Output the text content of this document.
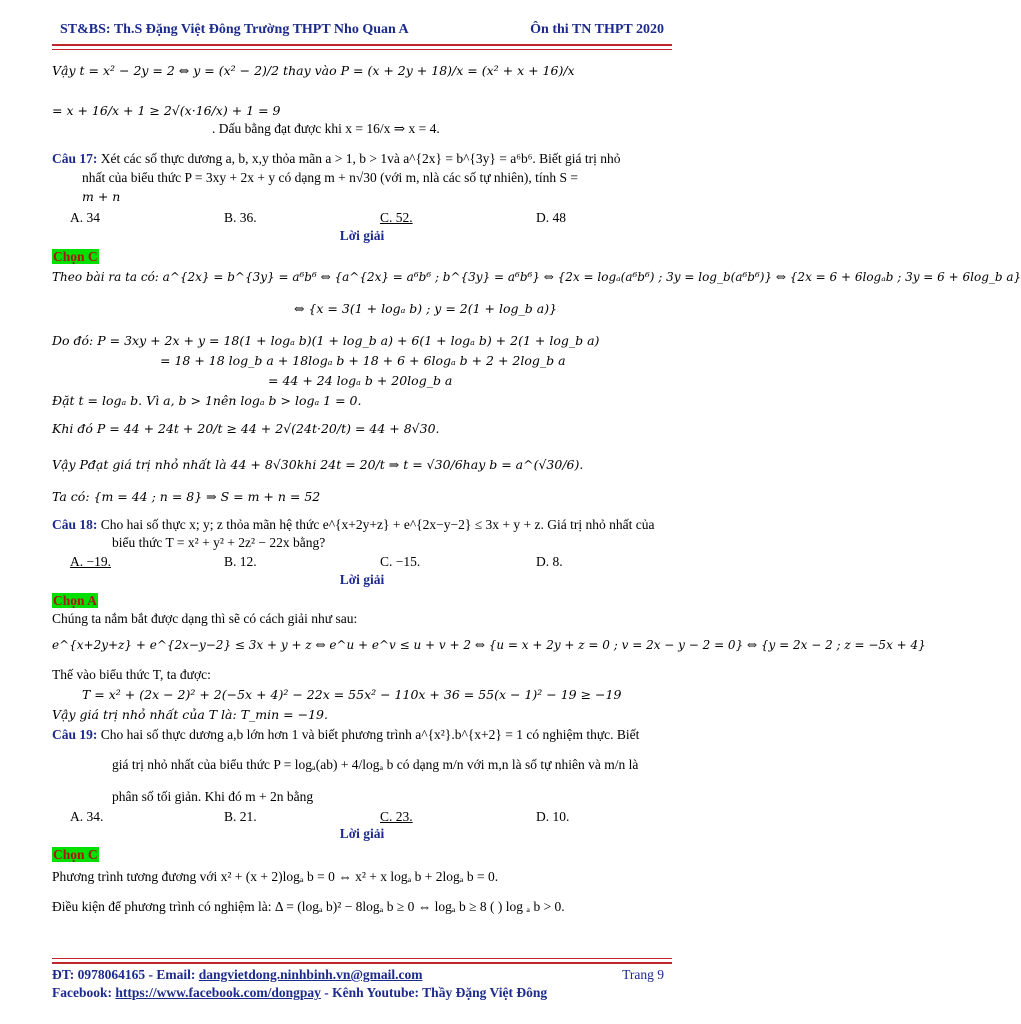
ST&BS: Th.S Đặng Việt Đông Trường THPT Nho Quan A	Ôn thi TN THPT 2020
Vậy t = x² − 2y = 2 ⇔ y = (x² − 2)/2 thay vào P = (x + 2y + 18)/x = (x² + x + 16)/x
= x + 16/x + 1 ≥ 2√(x·16/x) + 1 = 9
. Dấu bằng đạt được khi x = 16/x ⇒ x = 4.
Câu 17: Xét các số thực dương a, b, x,y thỏa mãn a > 1, b > 1và a^{2x} = b^{3y} = a⁶b⁶. Biết giá trị nhỏ
nhất của biểu thức P = 3xy + 2x + y có dạng m + n√30 (với m, nlà các số tự nhiên), tính S =
m + n
A. 34	B. 36.	C. 52.	D. 48
Lời giải
Chọn C
Theo bài ra ta có: a^{2x} = b^{3y} = a⁶b⁶ ⇔ {a^{2x} = a⁶b⁶ ; b^{3y} = a⁶b⁶} ⇔ {2x = logₐ(a⁶b⁶) ; 3y = log_b(a⁶b⁶)} ⇔ {2x = 6 + 6logₐb ; 3y = 6 + 6log_b a}
⇔ {x = 3(1 + logₐ b) ; y = 2(1 + log_b a)}
Do đó: P = 3xy + 2x + y = 18(1 + logₐ b)(1 + log_b a) + 6(1 + logₐ b) + 2(1 + log_b a)
= 18 + 18 log_b a + 18logₐ b + 18 + 6 + 6logₐ b + 2 + 2log_b a
= 44 + 24 logₐ b + 20log_b a
Đặt t = logₐ b. Vì a, b > 1nên logₐ b > logₐ 1 = 0.
Khi đó P = 44 + 24t + 20/t ≥ 44 + 2√(24t·20/t) = 44 + 8√30.
Vậy Pđạt giá trị nhỏ nhất là 44 + 8√30khi 24t = 20/t ⇒ t = √30/6hay b = a^(√30/6).
Ta có: {m = 44 ; n = 8} ⇒ S = m + n = 52
Câu 18: Cho hai số thực x; y; z thỏa mãn hệ thức e^{x+2y+z} + e^{2x−y−2} ≤ 3x + y + z. Giá trị nhỏ nhất của
biểu thức T = x² + y² + 2z² − 22x bằng?
A. −19.	B. 12.	C. −15.	D. 8.
Lời giải
Chọn A
Chúng ta nắm bắt được dạng thì sẽ có cách giải như sau:
e^{x+2y+z} + e^{2x−y−2} ≤ 3x + y + z ⇔ e^u + e^v ≤ u + v + 2 ⇔ {u = x + 2y + z = 0 ; v = 2x − y − 2 = 0} ⇔ {y = 2x − 2 ; z = −5x + 4}
Thế vào biểu thức T, ta được:
T = x² + (2x − 2)² + 2(−5x + 4)² − 22x = 55x² − 110x + 36 = 55(x − 1)² − 19 ≥ −19
Vậy giá trị nhỏ nhất của T là: T_min = −19.
Câu 19: Cho hai số thực dương a,b lớn hơn 1 và biết phương trình a^{x²}.b^{x+2} = 1 có nghiệm thực. Biết
giá trị nhỏ nhất của biểu thức P = logₐ(ab) + 4/logₐ b có dạng m/n với m,n là số tự nhiên và m/n là
phân số tối giản. Khi đó m + 2n bằng
A. 34.	B. 21.	C. 23.	D. 10.
Lời giải
Chọn C
Phương trình tương đương với x² + (x + 2)logₐ b = 0 ⇔ x² + x logₐ b + 2logₐ b = 0.
Điều kiện để phương trình có nghiệm là: Δ = (logₐ b)² − 8logₐ b ≥ 0 ⇔ logₐ b ≥ 8 ( ) log ₐ b > 0.
ĐT: 0978064165 - Email: dangvietdong.ninhbinh.vn@gmail.com	Trang 9
Facebook: https://www.facebook.com/dongpay - Kênh Youtube: Thầy Đặng Việt Đông
